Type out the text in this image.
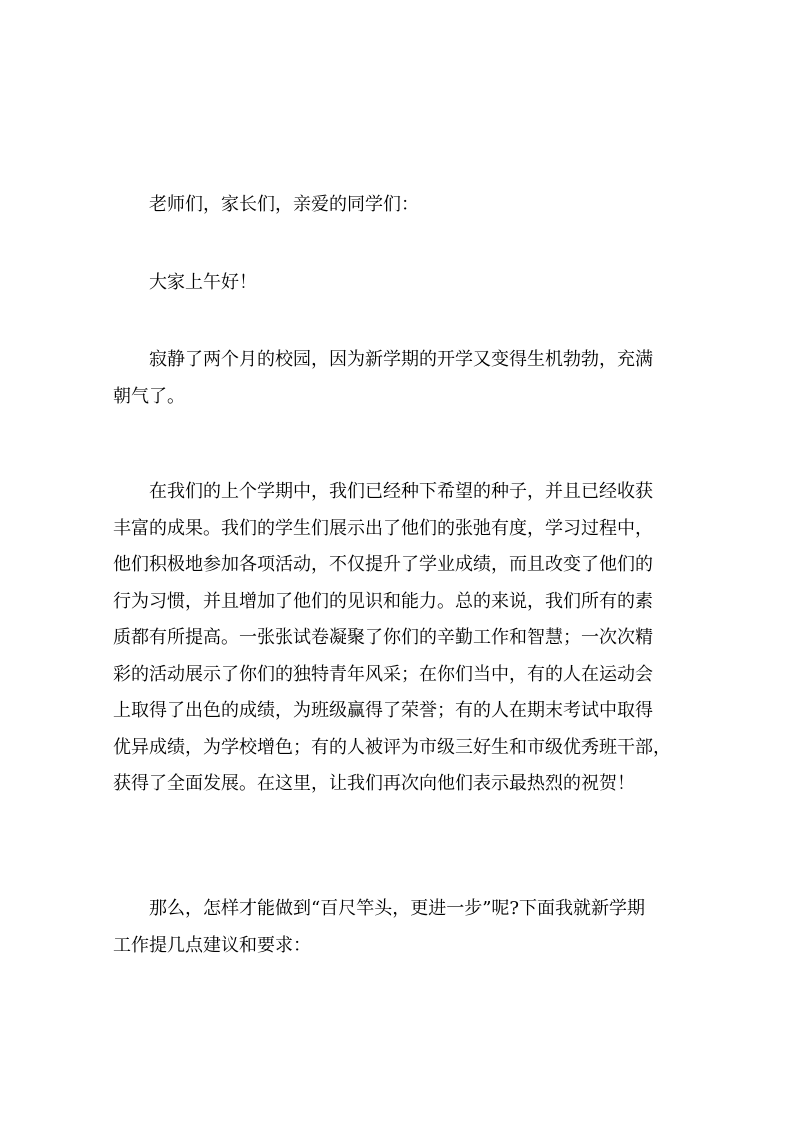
老师们，家长们，亲爱的同学们：
大家上午好！
寂静了两个月的校园，因为新学期的开学又变得生机勃勃，充满
朝气了。
在我们的上个学期中，我们已经种下希望的种子，并且已经收获
丰富的成果。我们的学生们展示出了他们的张弛有度，学习过程中，
他们积极地参加各项活动，不仅提升了学业成绩，而且改变了他们的
行为习惯，并且增加了他们的见识和能力。总的来说，我们所有的素
质都有所提高。一张张试卷凝聚了你们的辛勤工作和智慧；一次次精
彩的活动展示了你们的独特青年风采；在你们当中，有的人在运动会
上取得了出色的成绩，为班级赢得了荣誉；有的人在期末考试中取得
优异成绩，为学校增色；有的人被评为市级三好生和市级优秀班干部，
获得了全面发展。在这里，让我们再次向他们表示最热烈的祝贺！
那么，怎样才能做到“百尺竿头，更进一步”呢?下面我就新学期
工作提几点建议和要求：
